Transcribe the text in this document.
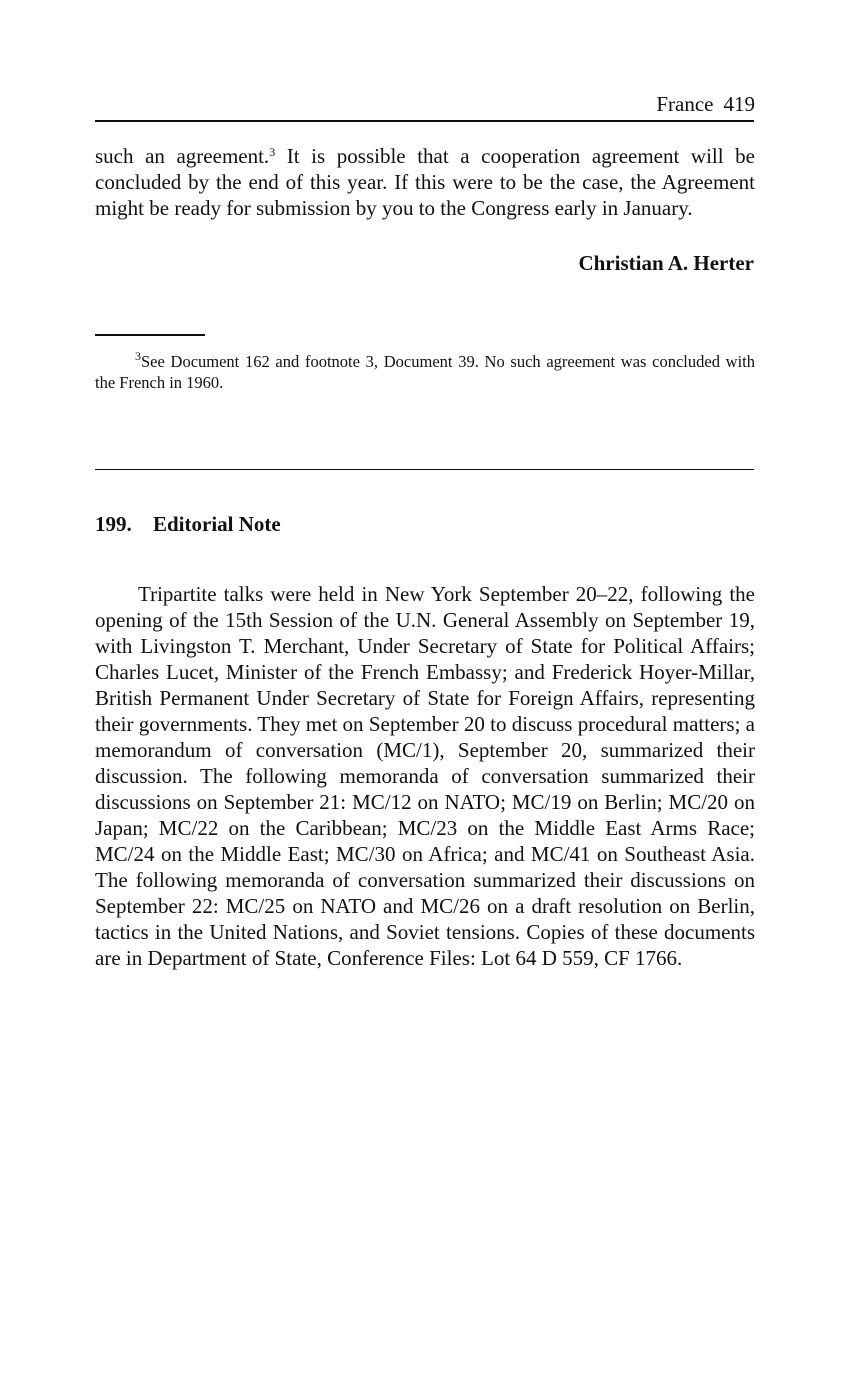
France 419

such an agreement.$^3$ It is possible that a cooperation agreement will be concluded by the end of this year. If this were to be the case, the Agreement might be ready for submission by you to the Congress early in January.

Christian A. Herter

$^3$See Document 162 and footnote 3, Document 39. No such agreement was concluded with the French in 1960.

199. Editorial Note

Tripartite talks were held in New York September 20–22, following the opening of the 15th Session of the U.N. General Assembly on September 19, with Livingston T. Merchant, Under Secretary of State for Political Affairs; Charles Lucet, Minister of the French Embassy; and Frederick Hoyer-Millar, British Permanent Under Secretary of State for Foreign Affairs, representing their governments. They met on September 20 to discuss procedural matters; a memorandum of conversation (MC/1), September 20, summarized their discussion. The following memoranda of conversation summarized their discussions on September 21: MC/12 on NATO; MC/19 on Berlin; MC/20 on Japan; MC/22 on the Caribbean; MC/23 on the Middle East Arms Race; MC/24 on the Middle East; MC/30 on Africa; and MC/41 on Southeast Asia. The following memoranda of conversation summarized their discussions on September 22: MC/25 on NATO and MC/26 on a draft resolution on Berlin, tactics in the United Nations, and Soviet tensions. Copies of these documents are in Department of State, Conference Files: Lot 64 D 559, CF 1766.
